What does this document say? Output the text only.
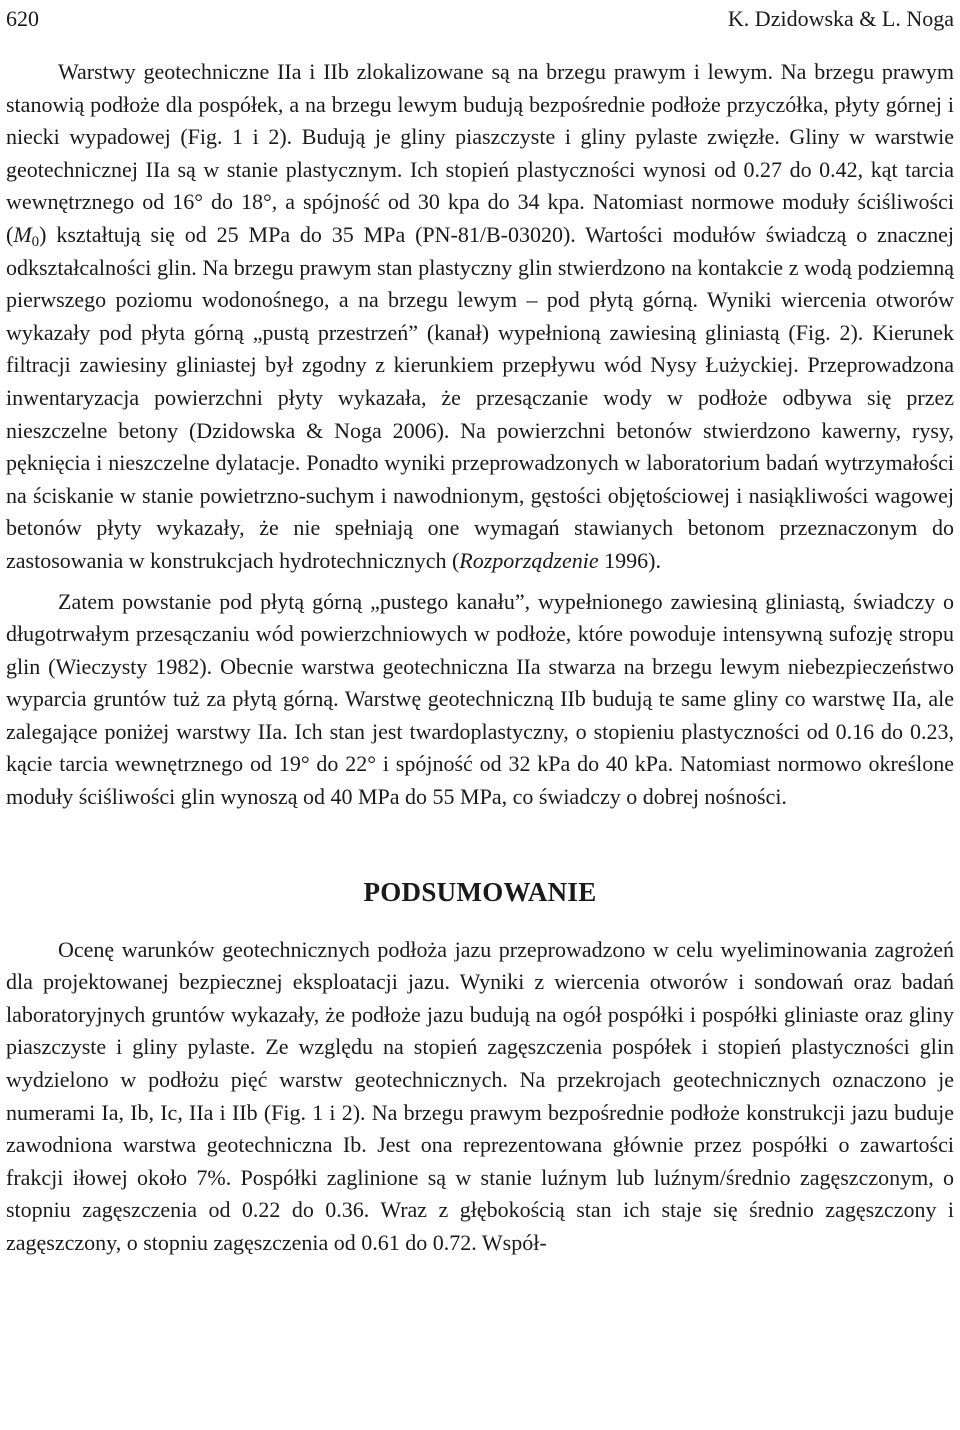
620	K. Dzidowska & L. Noga

Warstwy geotechniczne IIa i IIb zlokalizowane są na brzegu prawym i lewym. Na brzegu prawym stanowią podłoże dla pospółek, a na brzegu lewym budują bezpośrednie podłoże przyczółka, płyty górnej i niecki wypadowej (Fig. 1 i 2). Budują je gliny piaszczyste i gliny pylaste zwięzłe. Gliny w warstwie geotechnicznej IIa są w stanie plastycznym. Ich stopień plastyczności wynosi od 0.27 do 0.42, kąt tarcia wewnętrznego od 16° do 18°, a spójność od 30 kpa do 34 kpa. Natomiast normowe moduły ściśliwości $(M_0)$ kształtują się od 25 MPa do 35 MPa (PN-81/B-03020). Wartości modułów świadczą o znacznej odkształcalności glin. Na brzegu prawym stan plastyczny glin stwierdzono na kontakcie z wodą podziemną pierwszego poziomu wodonośnego, a na brzegu lewym – pod płytą górną. Wyniki wiercenia otworów wykazały pod płyta górną „pustą przestrzeń” (kanał) wypełnioną zawiesiną gliniastą (Fig. 2). Kierunek filtracji zawiesiny gliniastej był zgodny z kierunkiem przepływu wód Nysy Łużyckiej. Przeprowadzona inwentaryzacja powierzchni płyty wykazała, że przesączanie wody w podłoże odbywa się przez nieszczelne betony (Dzidowska & Noga 2006). Na powierzchni betonów stwierdzono kawerny, rysy, pęknięcia i nieszczelne dylatacje. Ponadto wyniki przeprowadzonych w laboratorium badań wytrzymałości na ściskanie w stanie powietrzno-suchym i nawodnionym, gęstości objętościowej i nasiąkliwości wagowej betonów płyty wykazały, że nie spełniają one wymagań stawianych betonom przeznaczonym do zastosowania w konstrukcjach hydrotechnicznych (Rozporządzenie 1996).

Zatem powstanie pod płytą górną „pustego kanału”, wypełnionego zawiesiną gliniastą, świadczy o długotrwałym przesączaniu wód powierzchniowych w podłoże, które powoduje intensywną sufozję stropu glin (Wieczysty 1982). Obecnie warstwa geotechniczna IIa stwarza na brzegu lewym niebezpieczeństwo wyparcia gruntów tuż za płytą górną. Warstwę geotechniczną IIb budują te same gliny co warstwę IIa, ale zalegające poniżej warstwy IIa. Ich stan jest twardoplastyczny, o stopieniu plastyczności od 0.16 do 0.23, kącie tarcia wewnętrznego od 19° do 22° i spójność od 32 kPa do 40 kPa. Natomiast normowo określone moduły ściśliwości glin wynoszą od 40 MPa do 55 MPa, co świadczy o dobrej nośności.

PODSUMOWANIE

Ocenę warunków geotechnicznych podłoża jazu przeprowadzono w celu wyeliminowania zagrożeń dla projektowanej bezpiecznej eksploatacji jazu. Wyniki z wiercenia otworów i sondowań oraz badań laboratoryjnych gruntów wykazały, że podłoże jazu budują na ogół pospółki i pospółki gliniaste oraz gliny piaszczyste i gliny pylaste. Ze względu na stopień zagęszczenia pospółek i stopień plastyczności glin wydzielono w podłożu pięć warstw geotechnicznych. Na przekrojach geotechnicznych oznaczono je numerami Ia, Ib, Ic, IIa i IIb (Fig. 1 i 2). Na brzegu prawym bezpośrednie podłoże konstrukcji jazu buduje zawodniona warstwa geotechniczna Ib. Jest ona reprezentowana głównie przez pospółki o zawartości frakcji iłowej około 7%. Pospółki zaglinione są w stanie luźnym lub luźnym/średnio zagęszczonym, o stopniu zagęszczenia od 0.22 do 0.36. Wraz z głębokością stan ich staje się średnio zagęszczony i zagęszczony, o stopniu zagęszczenia od 0.61 do 0.72. Współ-
